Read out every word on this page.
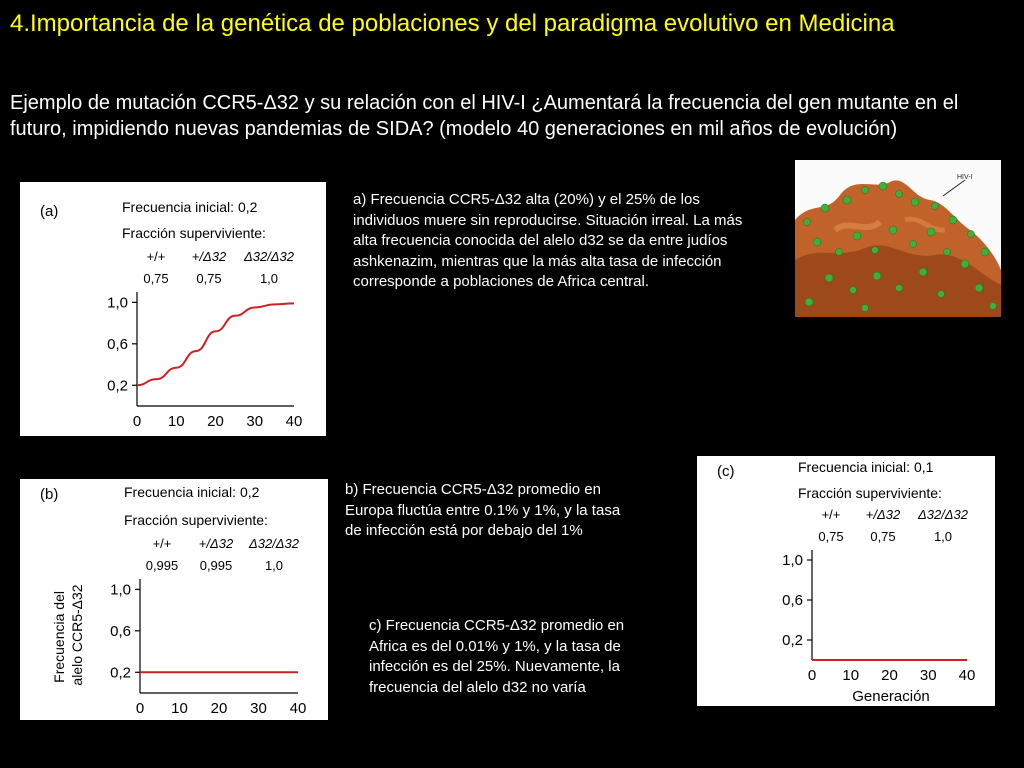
4.Importancia de la genética de poblaciones y del paradigma evolutivo en Medicina
Ejemplo de mutación CCR5-Δ32 y su relación con el HIV-I ¿Aumentará la frecuencia del gen mutante en el futuro, impidiendo nuevas pandemias de SIDA? (modelo 40 generaciones en mil años de evolución)
(a)	Frecuencia inicial: 0,2
Fracción superviviente:
+/+ +/Δ32 Δ32/Δ32
0,75 0,75	1,0
0,2
0,6
1,0
0 10 20 30 40
(b)	Frecuencia inicial: 0,2
Fracción superviviente:
+/+ +/Δ32 Δ32/Δ32
0,995 0,995	1,0
Frecuencia del alelo CCR5-Δ32 0,2
0,6
1,0
0 10 20 30 40
(c)	Frecuencia inicial: 0,1
Fracción superviviente:
+/+ +/Δ32 Δ32/Δ32
0,75 0,75	1,0
Generación
0,2
0,6
1,0
0 10 20 30 40
a) Frecuencia CCR5-Δ32 alta (20%) y el 25% de los individuos muere sin reproducirse. Situación irreal. La más alta frecuencia conocida del alelo d32 se da entre judíos ashkenazim, mientras que la más alta tasa de infección corresponde a poblaciones de Africa central.
b) Frecuencia CCR5-Δ32 promedio en Europa fluctúa entre 0.1% y 1%, y la tasa de infección está por debajo del 1%
c) Frecuencia CCR5-Δ32 promedio en Africa es del 0.01% y 1%, y la tasa de infección es del 25%. Nuevamente, la frecuencia del alelo d32 no varía
HIV-I
